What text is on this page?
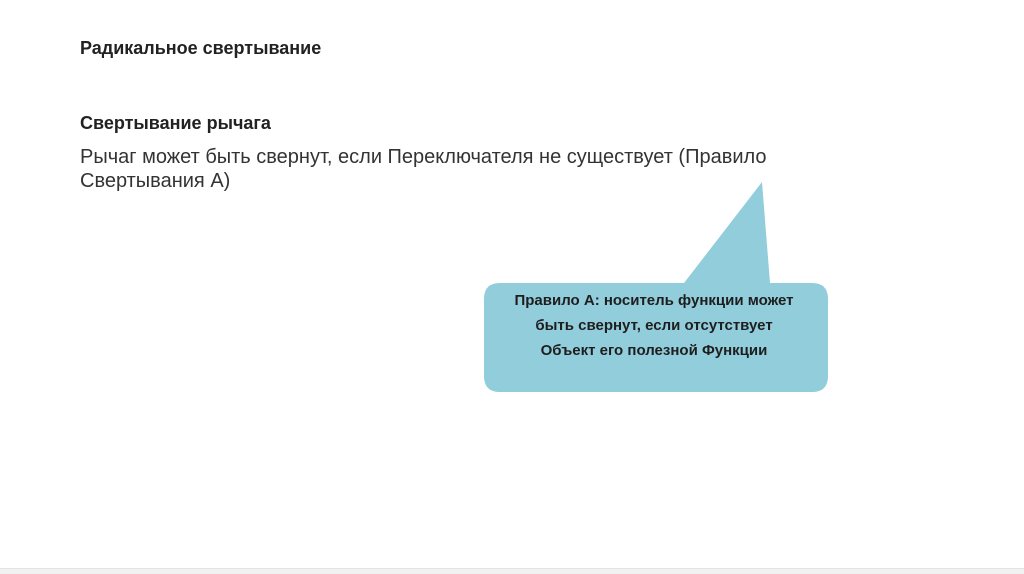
Радикальное свертывание
Свертывание рычага

Рычаг может быть свернут, если Переключателя не существует (Правило Свертывания А)

Правило А: носитель функции может
быть свернут, если отсутствует
Объект его полезной Функции
